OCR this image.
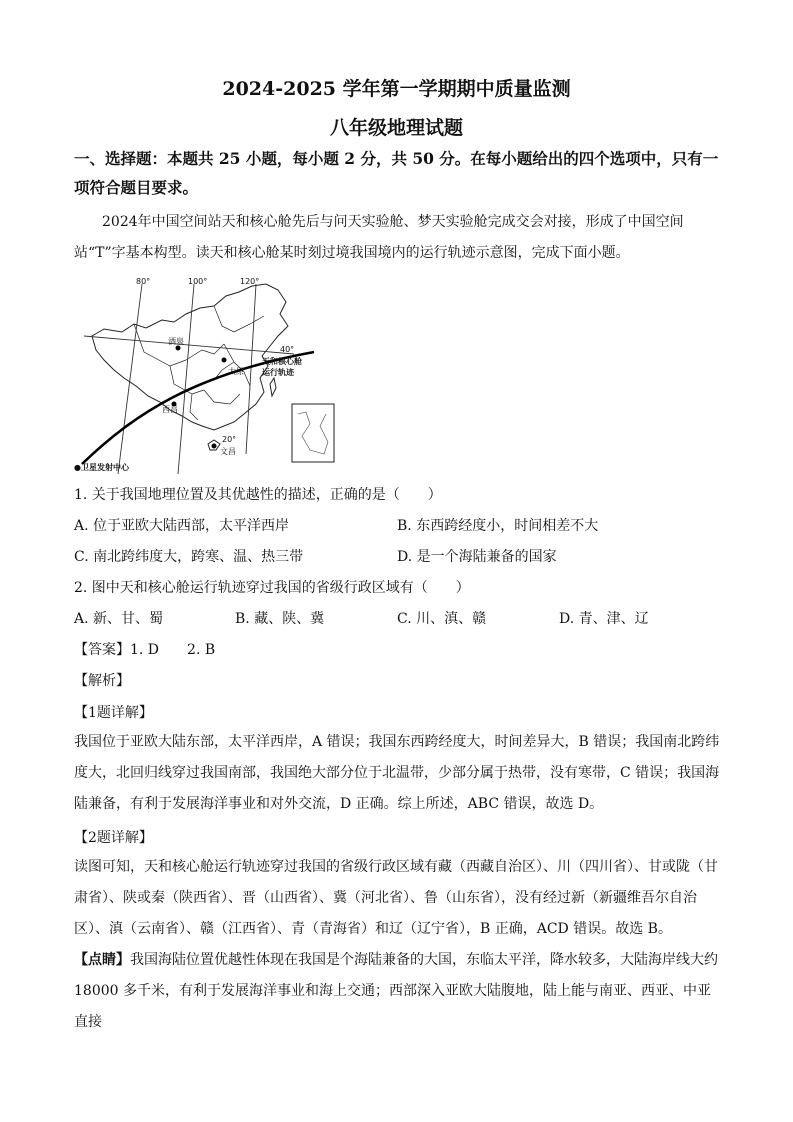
2024-2025 学年第一学期期中质量监测
八年级地理试题
一、选择题：本题共 25 小题，每小题 2 分，共 50 分。在每小题给出的四个选项中，只有一项符合题目要求。
2024年中国空间站天和核心舱先后与问天实验舱、梦天实验舱完成交会对接，形成了中国空间站“T”字基本构型。读天和核心舱某时刻过境我国境内的运行轨迹示意图，完成下面小题。
80°	100°	120°
40°
20°
酒泉
太原
西昌
文昌
天和核心舱
运行轨迹
●卫星发射中心
1. 关于我国地理位置及其优越性的描述，正确的是（　　）
A. 位于亚欧大陆西部，太平洋西岸	B. 东西跨经度小，时间相差不大
C. 南北跨纬度大，跨寒、温、热三带	D. 是一个海陆兼备的国家
2. 图中天和核心舱运行轨迹穿过我国的省级行政区域有（　　）
A. 新、甘、蜀	B. 藏、陕、冀	C. 川、滇、赣	D. 青、津、辽
【答案】1. D　　2. B
【解析】
【1题详解】
我国位于亚欧大陆东部，太平洋西岸，A 错误；我国东西跨经度大，时间差异大，B 错误；我国南北跨纬度大，北回归线穿过我国南部，我国绝大部分位于北温带，少部分属于热带，没有寒带，C 错误；我国海陆兼备，有利于发展海洋事业和对外交流，D 正确。综上所述，ABC 错误，故选 D。
【2题详解】
读图可知，天和核心舱运行轨迹穿过我国的省级行政区域有藏（西藏自治区）、川（四川省）、甘或陇（甘肃省）、陕或秦（陕西省）、晋（山西省）、冀（河北省）、鲁（山东省），没有经过新（新疆维吾尔自治区）、滇（云南省）、赣（江西省）、青（青海省）和辽（辽宁省），B 正确，ACD 错误。故选 B。
【点睛】我国海陆位置优越性体现在我国是个海陆兼备的大国，东临太平洋，降水较多，大陆海岸线大约18000 多千米，有利于发展海洋事业和海上交通；西部深入亚欧大陆腹地，陆上能与南亚、西亚、中亚直接
